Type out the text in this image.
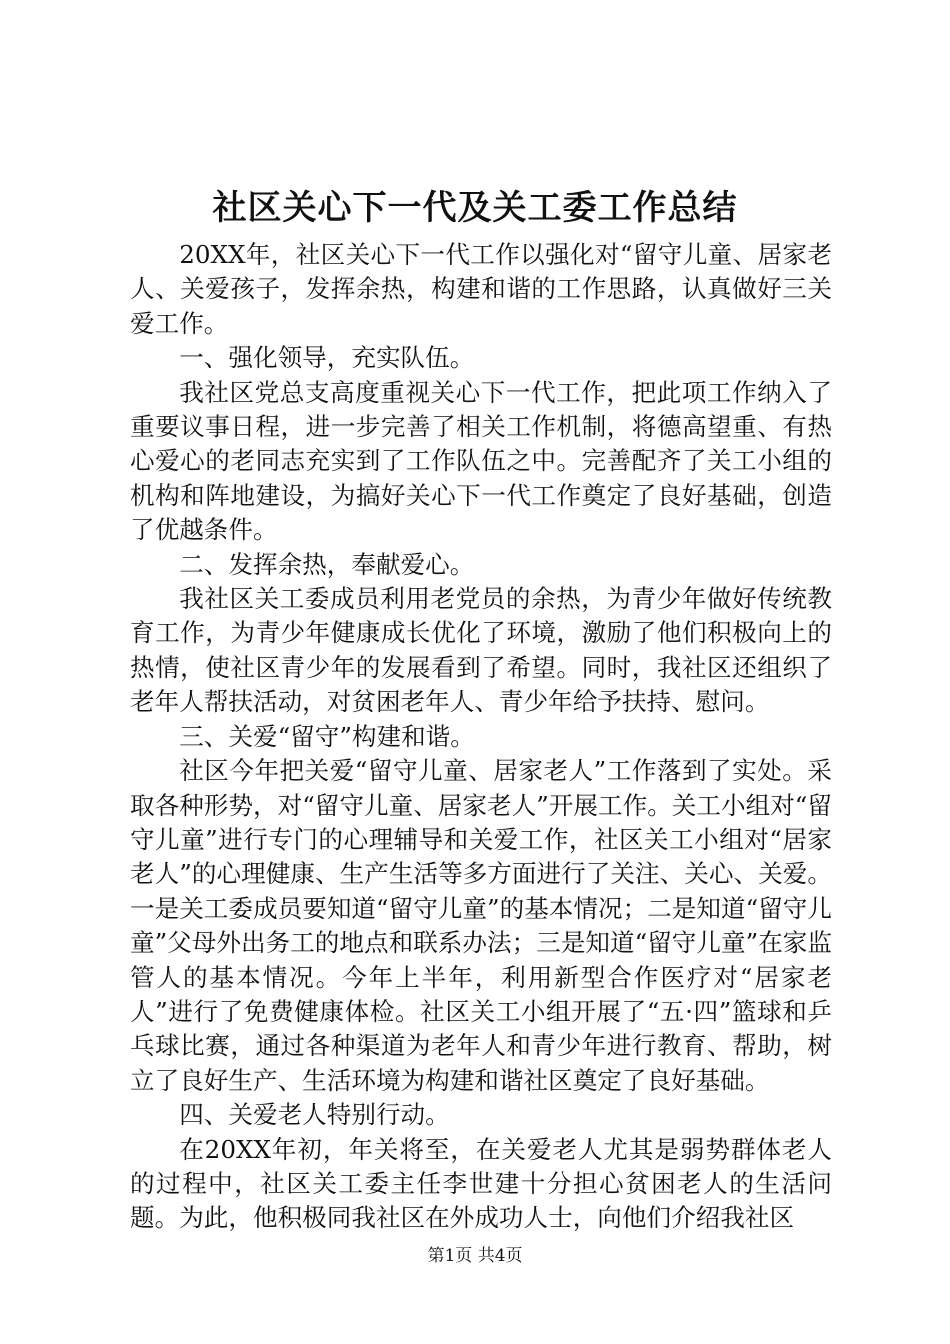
社区关心下一代及关工委工作总结

20XX年，社区关心下一代工作以强化对“留守儿童、居家老人、关爱孩子，发挥余热，构建和谐的工作思路，认真做好三关爱工作。

一、强化领导，充实队伍。

我社区党总支高度重视关心下一代工作，把此项工作纳入了重要议事日程，进一步完善了相关工作机制，将德高望重、有热心爱心的老同志充实到了工作队伍之中。完善配齐了关工小组的机构和阵地建设，为搞好关心下一代工作奠定了良好基础，创造了优越条件。

二、发挥余热，奉献爱心。

我社区关工委成员利用老党员的余热，为青少年做好传统教育工作，为青少年健康成长优化了环境，激励了他们积极向上的热情，使社区青少年的发展看到了希望。同时，我社区还组织了老年人帮扶活动，对贫困老年人、青少年给予扶持、慰问。

三、关爱“留守”构建和谐。

社区今年把关爱“留守儿童、居家老人”工作落到了实处。采取各种形势，对“留守儿童、居家老人”开展工作。关工小组对“留守儿童”进行专门的心理辅导和关爱工作，社区关工小组对“居家老人”的心理健康、生产生活等多方面进行了关注、关心、关爱。一是关工委成员要知道“留守儿童”的基本情况；二是知道“留守儿童”父母外出务工的地点和联系办法；三是知道“留守儿童”在家监管人的基本情况。今年上半年，利用新型合作医疗对“居家老人”进行了免费健康体检。社区关工小组开展了“五·四”篮球和乒乓球比赛，通过各种渠道为老年人和青少年进行教育、帮助，树立了良好生产、生活环境为构建和谐社区奠定了良好基础。

四、关爱老人特别行动。

在20XX年初，年关将至，在关爱老人尤其是弱势群体老人的过程中，社区关工委主任李世建十分担心贫困老人的生活问题。为此，他积极同我社区在外成功人士，向他们介绍我社区

第1页 共4页
